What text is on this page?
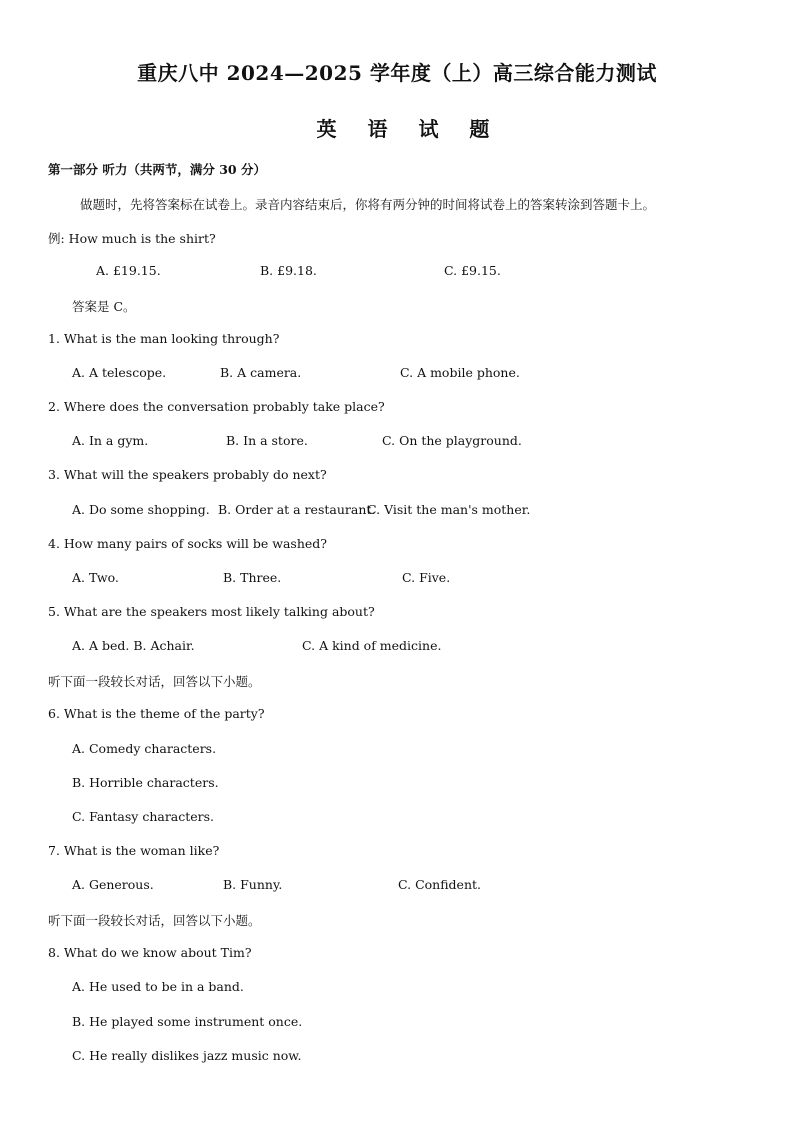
重庆八中 2024—2025 学年度（上）高三综合能力测试
英 语 试 题
第一部分 听力（共两节，满分 30 分）
做题时，先将答案标在试卷上。录音内容结束后，你将有两分钟的时间将试卷上的答案转涂到答题卡上。
例: How much is the shirt?
A. £19.15.	B. £9.18.	C. £9.15.
答案是 C。
1. What is the man looking through?
A. A telescope.	B. A camera.	C. A mobile phone.
2. Where does the conversation probably take place?
A. In a gym.	B. In a store.	C. On the playground.
3. What will the speakers probably do next?
A. Do some shopping. B. Order at a restaurant.
C. Visit the man's mother.
4. How many pairs of socks will be washed?
A. Two.	B. Three.	C. Five.
5. What are the speakers most likely talking about?
A. A bed. B. Achair.	C. A kind of medicine.
听下面一段较长对话，回答以下小题。
6. What is the theme of the party?
A. Comedy characters.
B. Horrible characters.
C. Fantasy characters.
7. What is the woman like?
A. Generous.	B. Funny.	C. Confident.
听下面一段较长对话，回答以下小题。
8. What do we know about Tim?
A. He used to be in a band.
B. He played some instrument once.
C. He really dislikes jazz music now.
